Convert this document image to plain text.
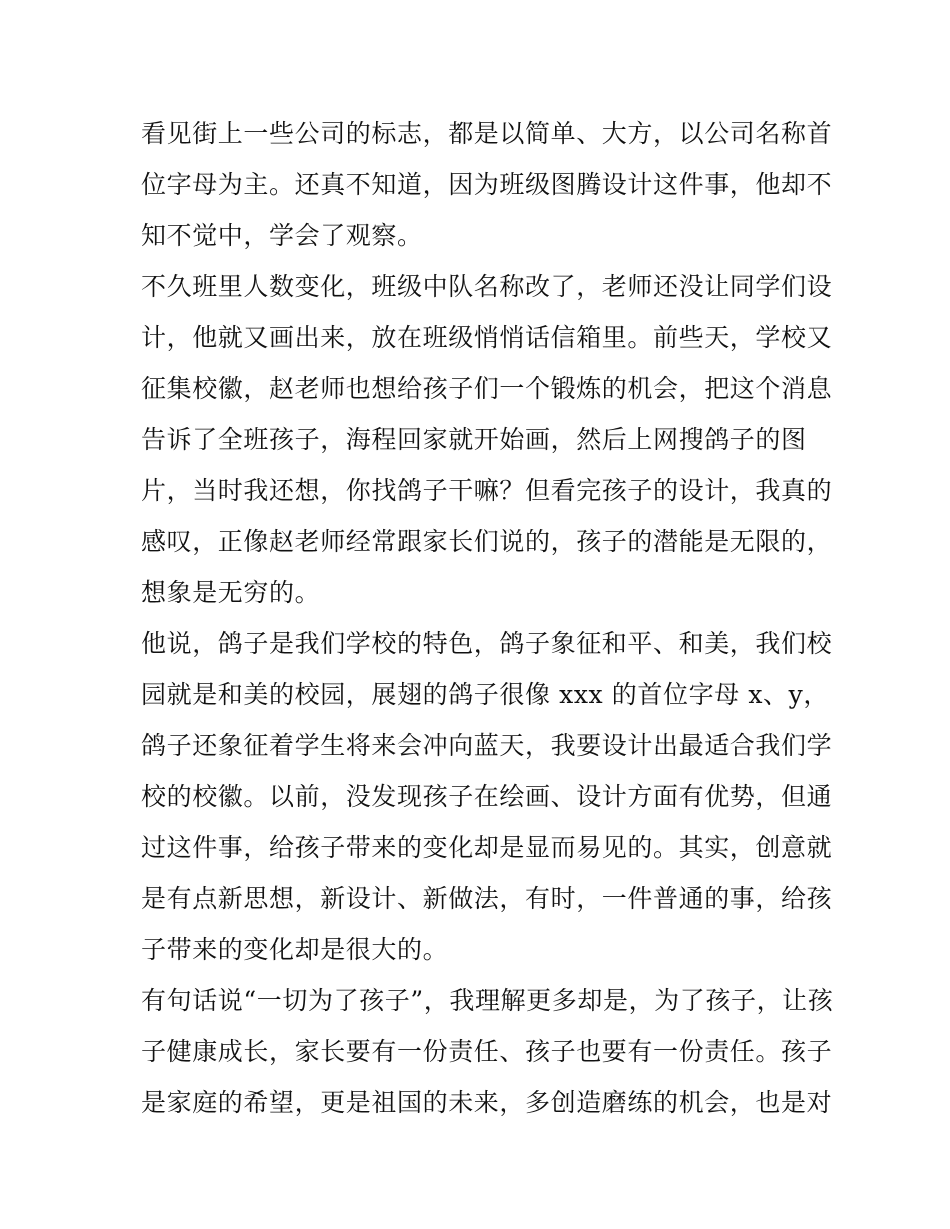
看见街上一些公司的标志，都是以简单、大方，以公司名称首
位字母为主。还真不知道，因为班级图腾设计这件事，他却不
知不觉中，学会了观察。
不久班里人数变化，班级中队名称改了，老师还没让同学们设
计，他就又画出来，放在班级悄悄话信箱里。前些天，学校又
征集校徽，赵老师也想给孩子们一个锻炼的机会，把这个消息
告诉了全班孩子，海程回家就开始画，然后上网搜鸽子的图
片，当时我还想，你找鸽子干嘛？但看完孩子的设计，我真的
感叹，正像赵老师经常跟家长们说的，孩子的潜能是无限的，
想象是无穷的。
他说，鸽子是我们学校的特色，鸽子象征和平、和美，我们校
园就是和美的校园，展翅的鸽子很像 xxx 的首位字母 x、y，
鸽子还象征着学生将来会冲向蓝天，我要设计出最适合我们学
校的校徽。以前，没发现孩子在绘画、设计方面有优势，但通
过这件事，给孩子带来的变化却是显而易见的。其实，创意就
是有点新思想，新设计、新做法，有时，一件普通的事，给孩
子带来的变化却是很大的。
有句话说“一切为了孩子”，我理解更多却是，为了孩子，让孩
子健康成长，家长要有一份责任、孩子也要有一份责任。孩子
是家庭的希望，更是祖国的未来，多创造磨练的机会，也是对
